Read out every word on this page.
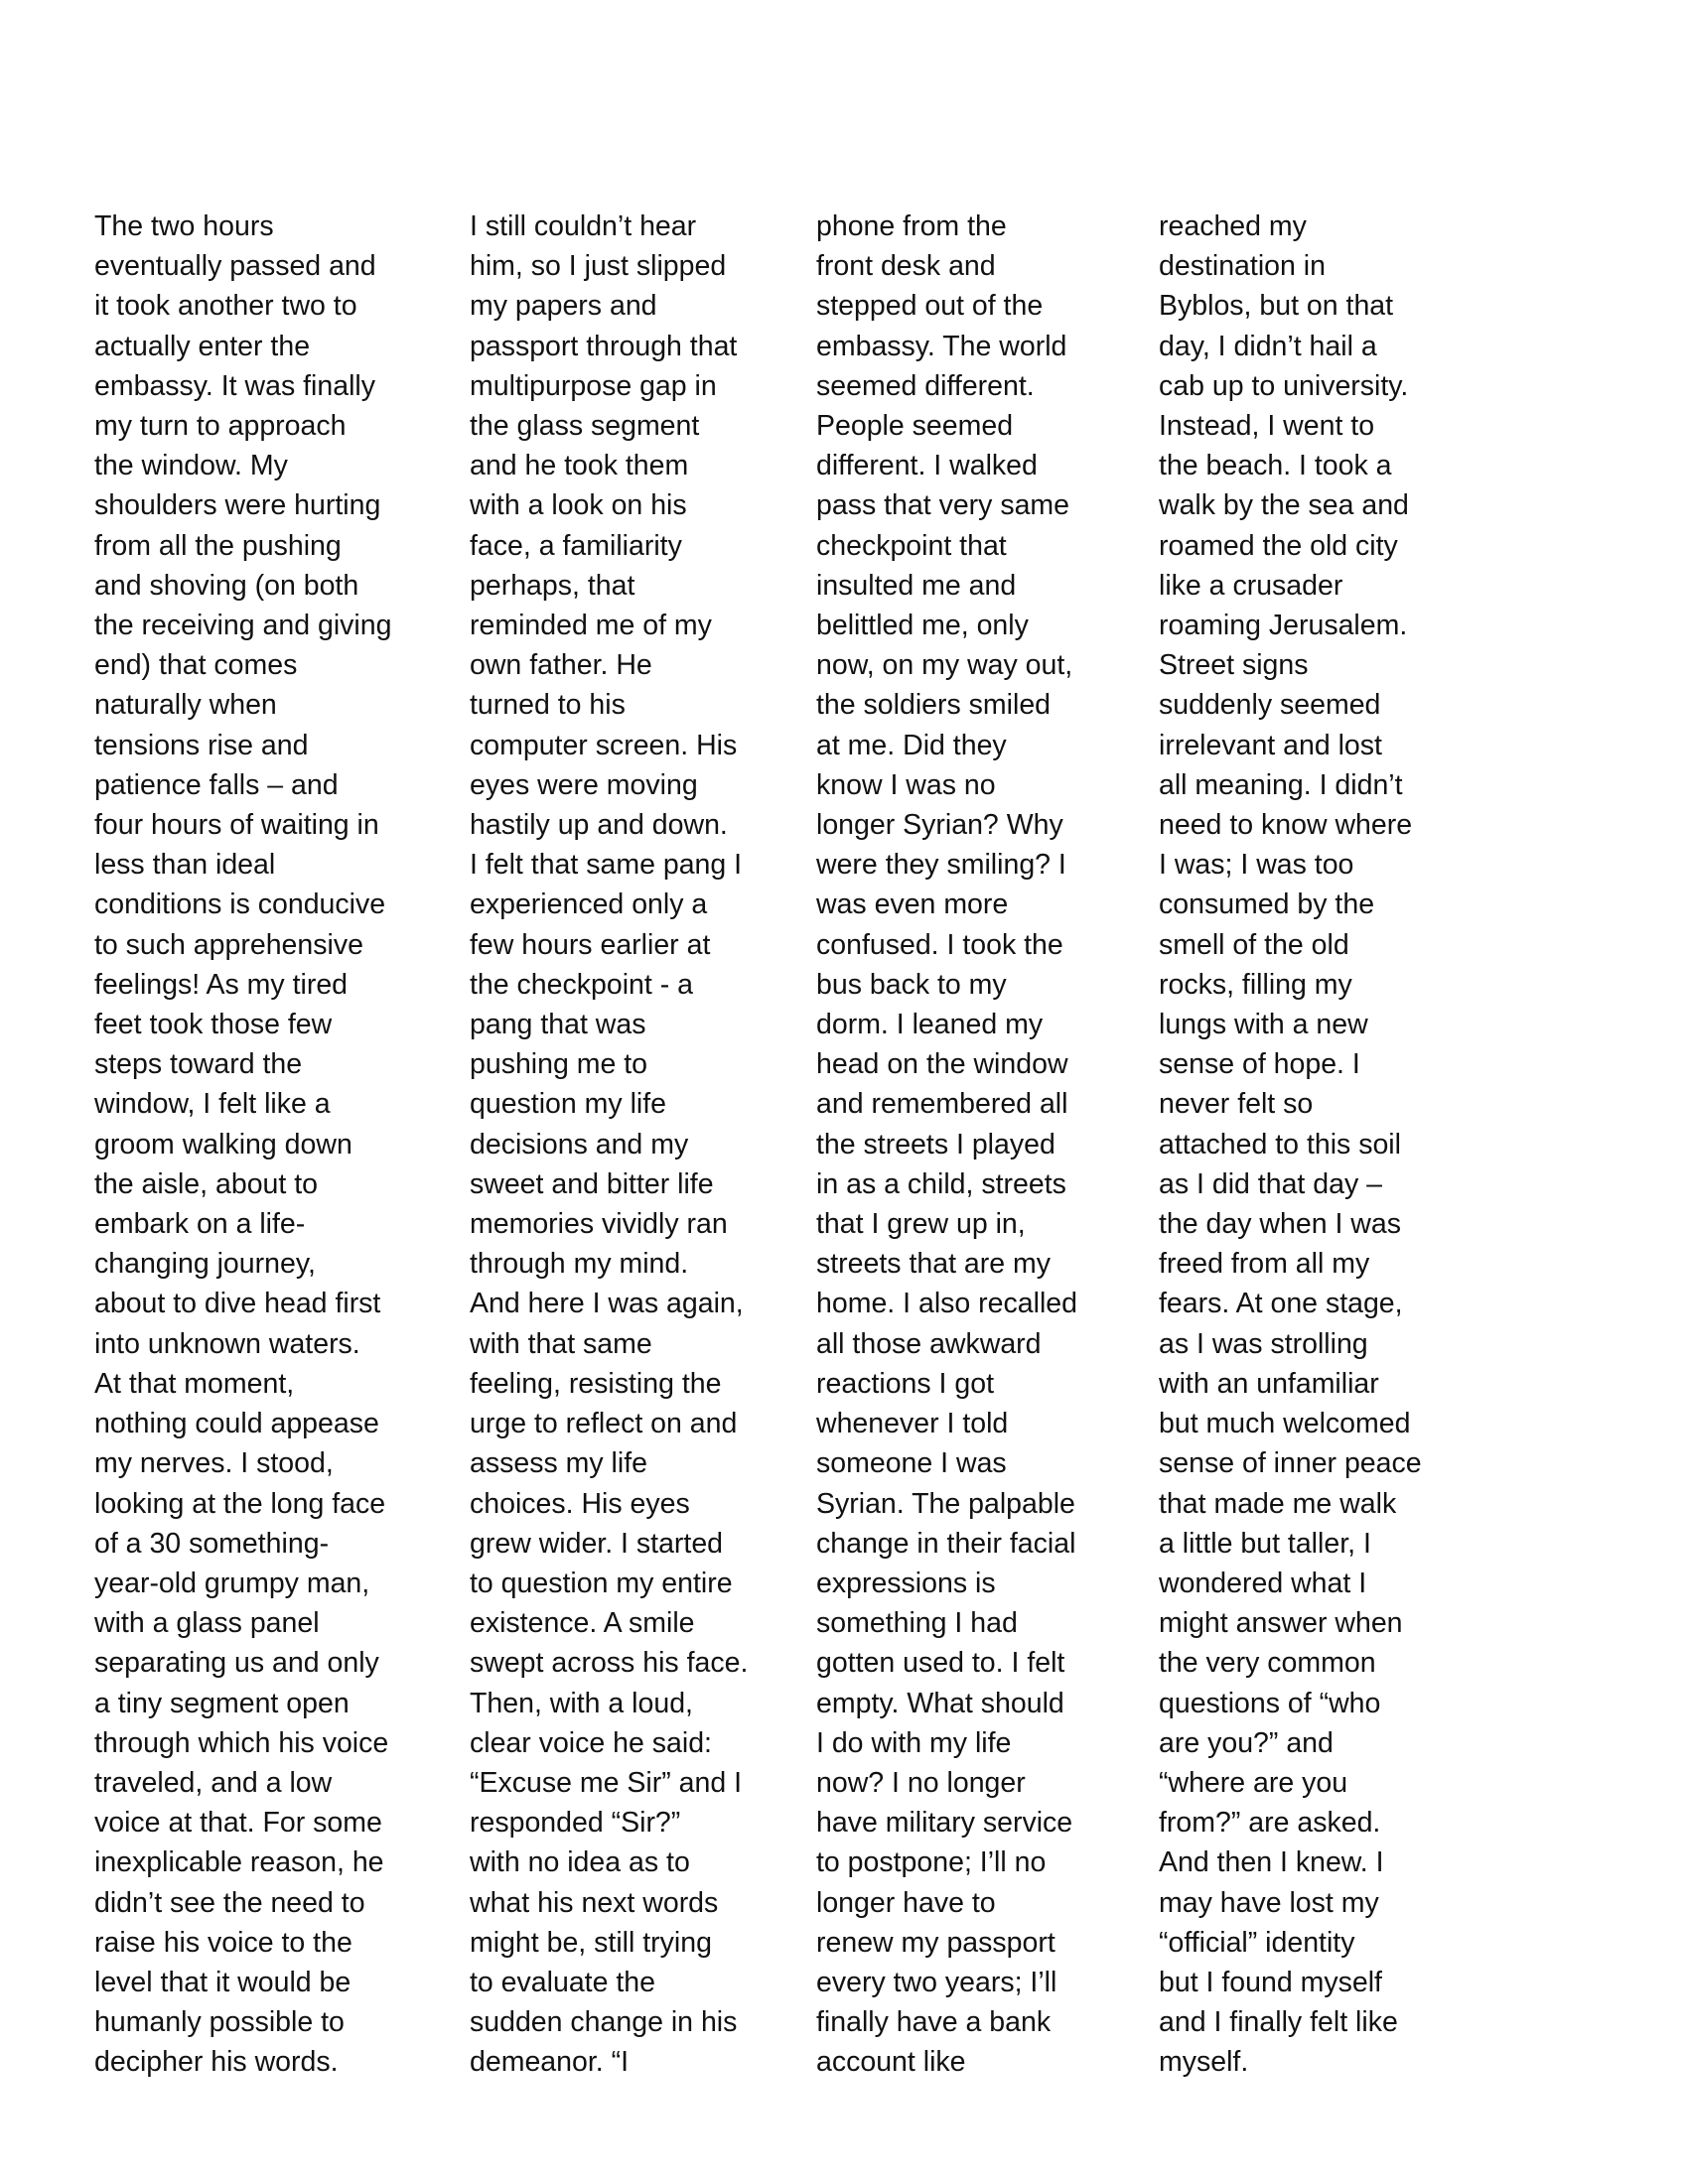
The two hours
eventually passed and
it took another two to
actually enter the
embassy. It was finally
my turn to approach
the window. My
shoulders were hurting
from all the pushing
and shoving (on both
the receiving and giving
end) that comes
naturally when
tensions rise and
patience falls – and
four hours of waiting in
less than ideal
conditions is conducive
to such apprehensive
feelings! As my tired
feet took those few
steps toward the
window, I felt like a
groom walking down
the aisle, about to
embark on a life-
changing journey,
about to dive head first
into unknown waters.
At that moment,
nothing could appease
my nerves. I stood,
looking at the long face
of a 30 something-
year-old grumpy man,
with a glass panel
separating us and only
a tiny segment open
through which his voice
traveled, and a low
voice at that. For some
inexplicable reason, he
didn’t see the need to
raise his voice to the
level that it would be
humanly possible to
decipher his words.
I still couldn’t hear
him, so I just slipped
my papers and
passport through that
multipurpose gap in
the glass segment
and he took them
with a look on his
face, a familiarity
perhaps, that
reminded me of my
own father. He
turned to his
computer screen. His
eyes were moving
hastily up and down.
I felt that same pang I
experienced only a
few hours earlier at
the checkpoint - a
pang that was
pushing me to
question my life
decisions and my
sweet and bitter life
memories vividly ran
through my mind.
And here I was again,
with that same
feeling, resisting the
urge to reflect on and
assess my life
choices. His eyes
grew wider. I started
to question my entire
existence. A smile
swept across his face.
Then, with a loud,
clear voice he said:
“Excuse me Sir” and I
responded “Sir?”
with no idea as to
what his next words
might be, still trying
to evaluate the
sudden change in his
demeanor. “I
phone from the
front desk and
stepped out of the
embassy. The world
seemed different.
People seemed
different. I walked
pass that very same
checkpoint that
insulted me and
belittled me, only
now, on my way out,
the soldiers smiled
at me. Did they
know I was no
longer Syrian? Why
were they smiling? I
was even more
confused. I took the
bus back to my
dorm. I leaned my
head on the window
and remembered all
the streets I played
in as a child, streets
that I grew up in,
streets that are my
home. I also recalled
all those awkward
reactions I got
whenever I told
someone I was
Syrian. The palpable
change in their facial
expressions is
something I had
gotten used to. I felt
empty. What should
I do with my life
now? I no longer
have military service
to postpone; I’ll no
longer have to
renew my passport
every two years; I’ll
finally have a bank
account like
reached my
destination in
Byblos, but on that
day, I didn’t hail a
cab up to university.
Instead, I went to
the beach. I took a
walk by the sea and
roamed the old city
like a crusader
roaming Jerusalem.
Street signs
suddenly seemed
irrelevant and lost
all meaning. I didn’t
need to know where
I was; I was too
consumed by the
smell of the old
rocks, filling my
lungs with a new
sense of hope. I
never felt so
attached to this soil
as I did that day –
the day when I was
freed from all my
fears. At one stage,
as I was strolling
with an unfamiliar
but much welcomed
sense of inner peace
that made me walk
a little but taller, I
wondered what I
might answer when
the very common
questions of “who
are you?” and
“where are you
from?” are asked.
And then I knew. I
may have lost my
“official” identity
but I found myself
and I finally felt like
myself.
